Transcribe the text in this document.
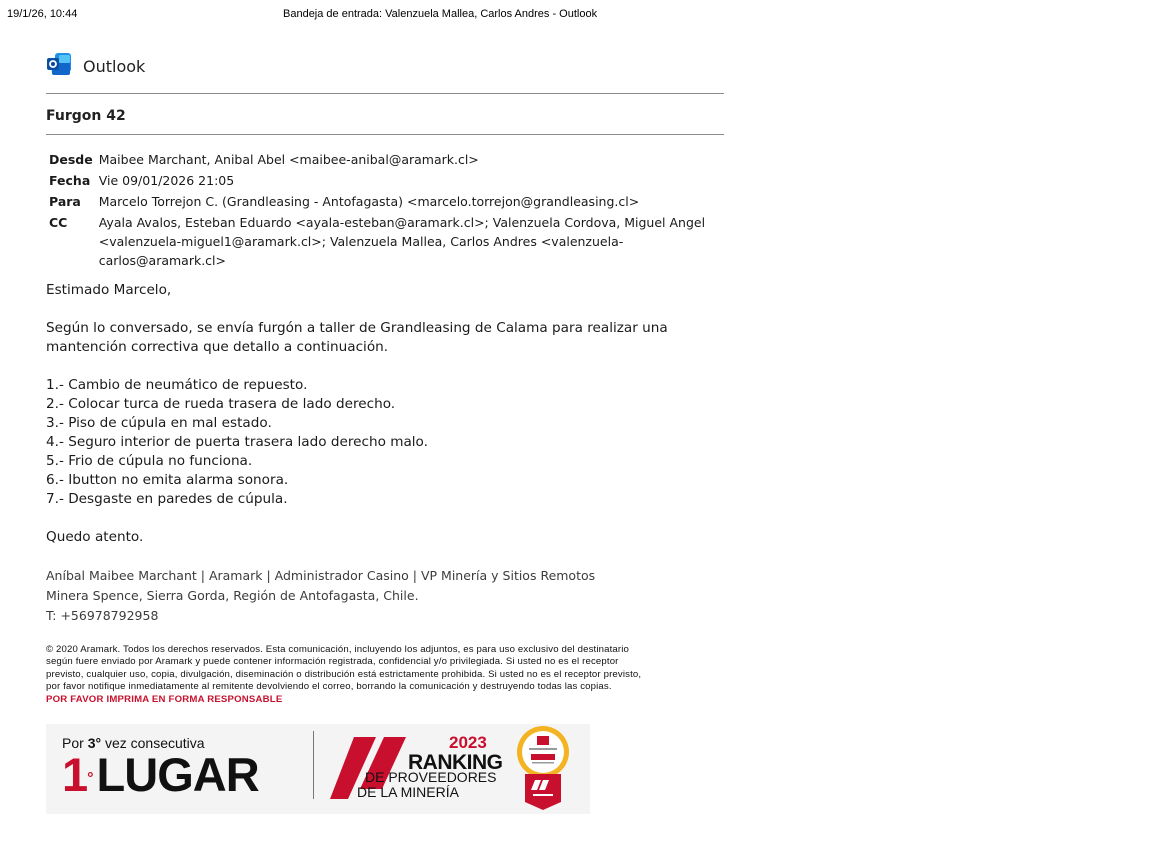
19/1/26, 10:44	Bandeja de entrada: Valenzuela Mallea, Carlos Andres - Outlook
Outlook
Furgon 42
Desde	Maibee Marchant, Anibal Abel <maibee-anibal@aramark.cl>
Fecha	Vie 09/01/2026 21:05
Para	Marcelo Torrejon C. (Grandleasing - Antofagasta) <marcelo.torrejon@grandleasing.cl>
CC	Ayala Avalos, Esteban Eduardo <ayala-esteban@aramark.cl>; Valenzuela Cordova, Miguel Angel <valenzuela-miguel1@aramark.cl>; Valenzuela Mallea, Carlos Andres <valenzuela-carlos@aramark.cl>

Estimado Marcelo,

Según lo conversado, se envía furgón a taller de Grandleasing de Calama para realizar una mantención correctiva que detallo a continuación.

1.- Cambio de neumático de repuesto.

2.- Colocar turca de rueda trasera de lado derecho.

3.- Piso de cúpula en mal estado.

4.- Seguro interior de puerta trasera lado derecho malo.

5.- Frio de cúpula no funciona.

6.- Ibutton no emita alarma sonora.

7.- Desgaste en paredes de cúpula.

Quedo atento.

Aníbal Maibee Marchant | Aramark | Administrador Casino | VP Minería y Sitios Remotos
Minera Spence, Sierra Gorda, Región de Antofagasta, Chile.
T: +56978792958
© 2020 Aramark. Todos los derechos reservados. Esta comunicación, incluyendo los adjuntos, es para uso exclusivo del destinatario según fuere enviado por Aramark y puede contener información registrada, confidencial y/o privilegiada. Si usted no es el receptor previsto, cualquier uso, copia, divulgación, diseminación o distribución está estrictamente prohibida. Si usted no es el receptor previsto, por favor notifique inmediatamente al remitente devolviendo el correo, borrando la comunicación y destruyendo todas las copias.
POR FAVOR IMPRIMA EN FORMA RESPONSABLE
Por 3° vez consecutiva
1°LUGAR
2023
RANKING
DE PROVEEDORES
DE LA MINERÍA
